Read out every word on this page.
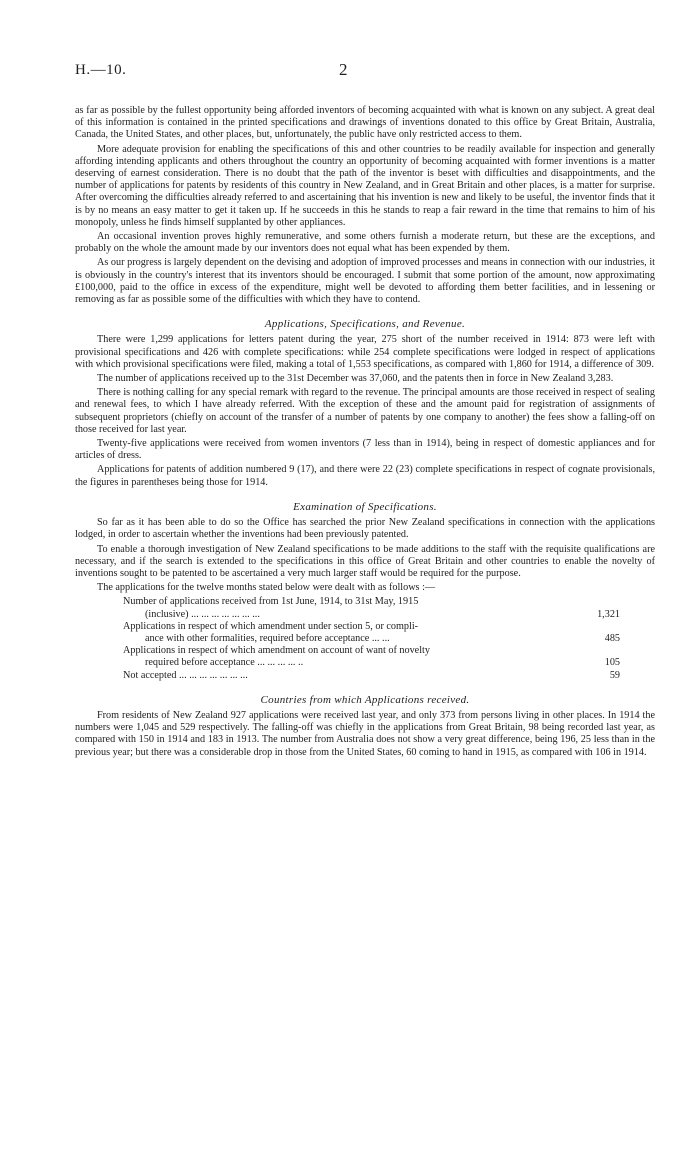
H.—10.	2

as far as possible by the fullest opportunity being afforded inventors of becoming acquainted with what is known on any subject. A great deal of this information is contained in the printed specifications and drawings of inventions donated to this office by Great Britain, Australia, Canada, the United States, and other places, but, unfortunately, the public have only restricted access to them.

More adequate provision for enabling the specifications of this and other countries to be readily available for inspection and generally affording intending applicants and others throughout the country an opportunity of becoming acquainted with former inventions is a matter deserving of earnest consideration. There is no doubt that the path of the inventor is beset with difficulties and disappointments, and the number of applications for patents by residents of this country in New Zealand, and in Great Britain and other places, is a matter for surprise. After overcoming the difficulties already referred to and ascertaining that his invention is new and likely to be useful, the inventor finds that it is by no means an easy matter to get it taken up. If he succeeds in this he stands to reap a fair reward in the time that remains to him of his monopoly, unless he finds himself supplanted by other appliances.

An occasional invention proves highly remunerative, and some others furnish a moderate return, but these are the exceptions, and probably on the whole the amount made by our inventors does not equal what has been expended by them.

As our progress is largely dependent on the devising and adoption of improved processes and means in connection with our industries, it is obviously in the country's interest that its inventors should be encouraged. I submit that some portion of the amount, now approximating £100,000, paid to the office in excess of the expenditure, might well be devoted to affording them better facilities, and in lessening or removing as far as possible some of the difficulties with which they have to contend.

Applications, Specifications, and Revenue.

There were 1,299 applications for letters patent during the year, 275 short of the number received in 1914: 873 were left with provisional specifications and 426 with complete specifications: while 254 complete specifications were lodged in respect of applications with which provisional specifications were filed, making a total of 1,553 specifications, as compared with 1,860 for 1914, a difference of 309.

The number of applications received up to the 31st December was 37,060, and the patents then in force in New Zealand 3,283.

There is nothing calling for any special remark with regard to the revenue. The principal amounts are those received in respect of sealing and renewal fees, to which I have already referred. With the exception of these and the amount paid for registration of assignments of subsequent proprietors (chiefly on account of the transfer of a number of patents by one company to another) the fees show a falling-off on those received for last year.

Twenty-five applications were received from women inventors (7 less than in 1914), being in respect of domestic appliances and for articles of dress.

Applications for patents of addition numbered 9 (17), and there were 22 (23) complete specifications in respect of cognate provisionals, the figures in parentheses being those for 1914.

Examination of Specifications.

So far as it has been able to do so the Office has searched the prior New Zealand specifications in connection with the applications lodged, in order to ascertain whether the inventions had been previously patented.

To enable a thorough investigation of New Zealand specifications to be made additions to the staff with the requisite qualifications are necessary, and if the search is extended to the specifications in this office of Great Britain and other countries to enable the novelty of inventions sought to be patented to be ascertained a very much larger staff would be required for the purpose.

The applications for the twelve months stated below were dealt with as follows :—

Number of applications received from 1st June, 1914, to 31st May, 1915
(inclusive) ... ... ... ... ... ... ...	1,321
Applications in respect of which amendment under section 5, or compli-
ance with other formalities, required before acceptance ... ...	485
Applications in respect of which amendment on account of want of novelty
required before acceptance ... ... ... ... ..	105
Not accepted ... ... ... ... ... ... ...	59
Countries from which Applications received.

From residents of New Zealand 927 applications were received last year, and only 373 from persons living in other places. In 1914 the numbers were 1,045 and 529 respectively. The falling-off was chiefly in the applications from Great Britain, 98 being recorded last year, as compared with 150 in 1914 and 183 in 1913. The number from Australia does not show a very great difference, being 196, 25 less than in the previous year; but there was a considerable drop in those from the United States, 60 coming to hand in 1915, as compared with 106 in 1914.
